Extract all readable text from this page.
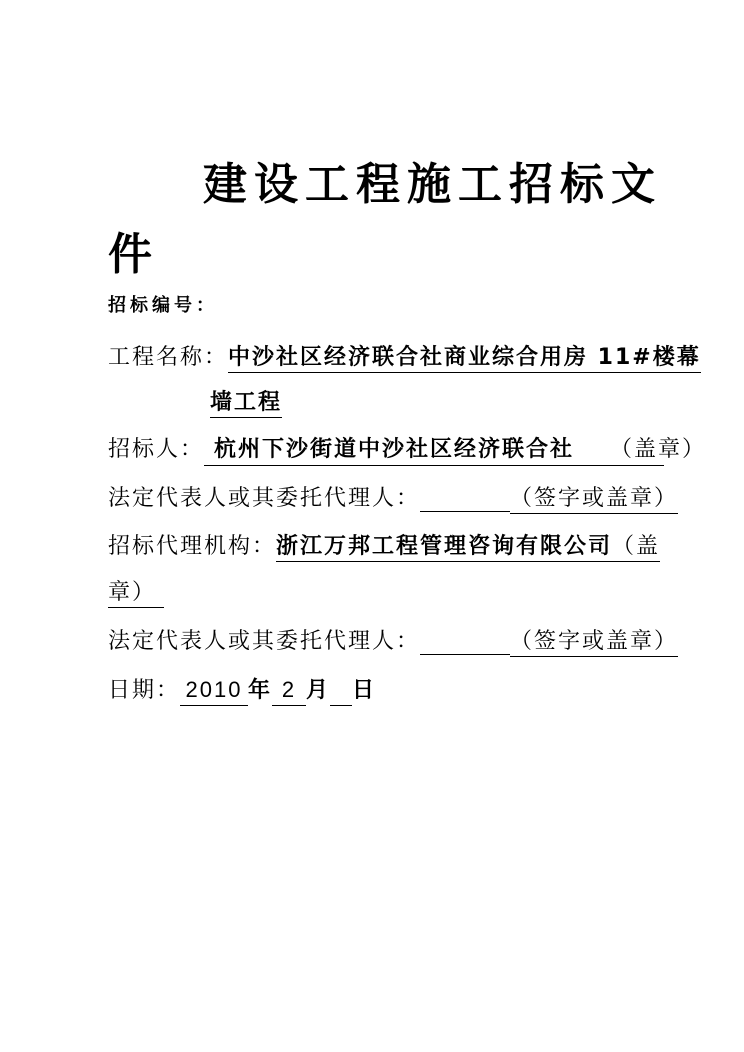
建设工程施工招标文
件
招标编号：
工程名称：中沙社区经济联合社商业综合用房 11#楼幕
墙工程
招标人： 杭州下沙街道中沙社区经济联合社 （盖章）
法定代表人或其委托代理人：	（签字或盖章）
招标代理机构：浙江万邦工程管理咨询有限公司（盖
章）
法定代表人或其委托代理人：	（签字或盖章）
日期： 2010 年 2 月 日
